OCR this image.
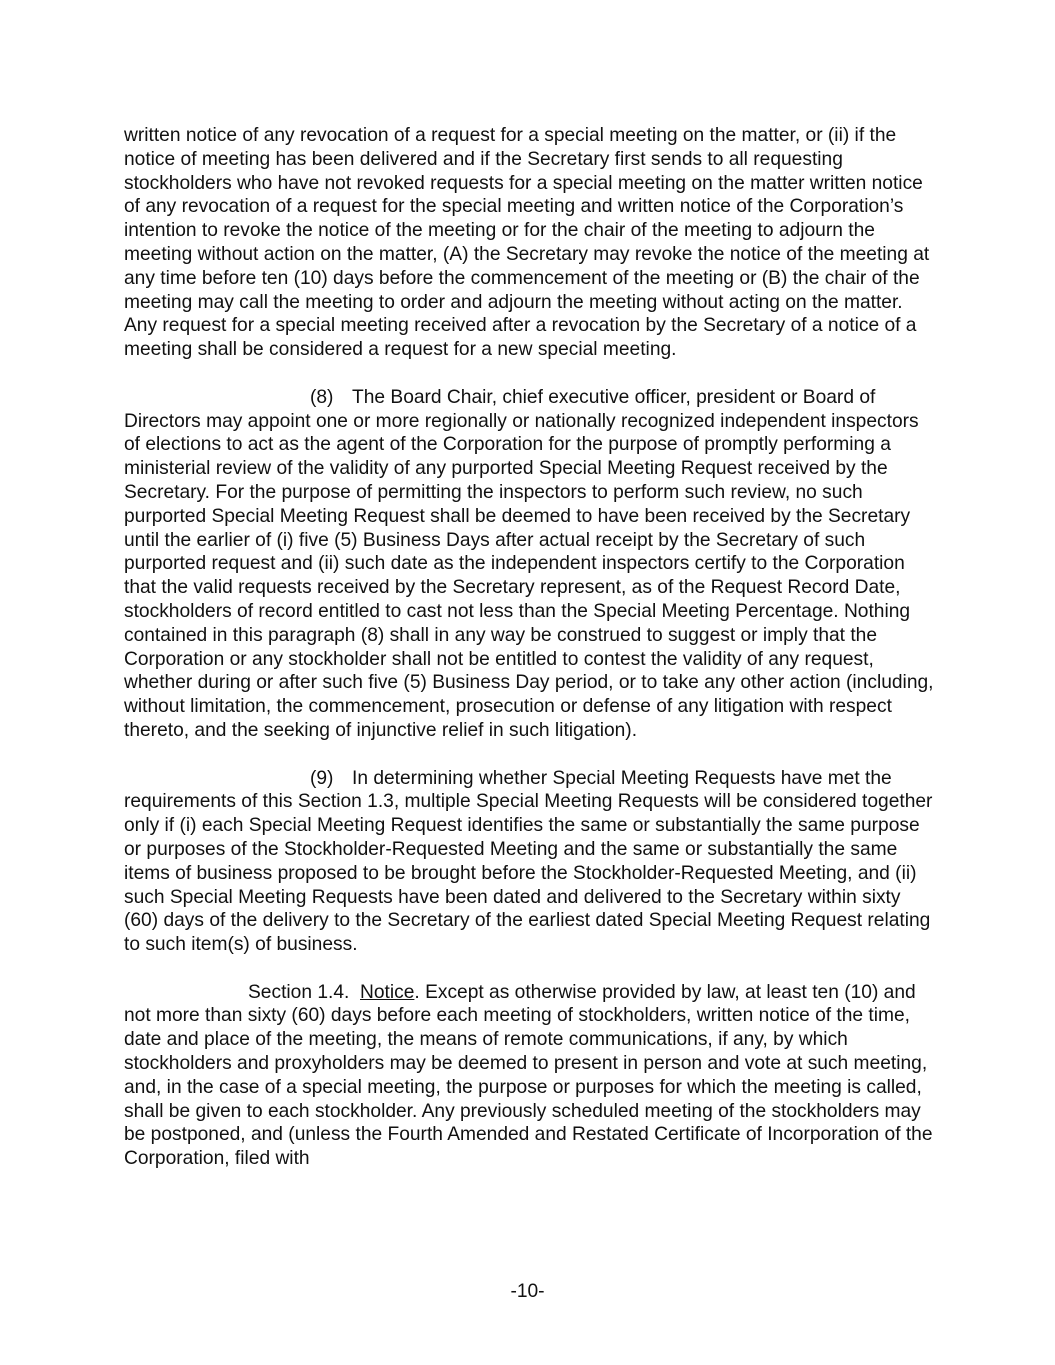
written notice of any revocation of a request for a special meeting on the matter, or (ii) if the notice of meeting has been delivered and if the Secretary first sends to all requesting stockholders who have not revoked requests for a special meeting on the matter written notice of any revocation of a request for the special meeting and written notice of the Corporation’s intention to revoke the notice of the meeting or for the chair of the meeting to adjourn the meeting without action on the matter, (A) the Secretary may revoke the notice of the meeting at any time before ten (10) days before the commencement of the meeting or (B) the chair of the meeting may call the meeting to order and adjourn the meeting without acting on the matter. Any request for a special meeting received after a revocation by the Secretary of a notice of a meeting shall be considered a request for a new special meeting.

(8) The Board Chair, chief executive officer, president or Board of Directors may appoint one or more regionally or nationally recognized independent inspectors of elections to act as the agent of the Corporation for the purpose of promptly performing a ministerial review of the validity of any purported Special Meeting Request received by the Secretary. For the purpose of permitting the inspectors to perform such review, no such purported Special Meeting Request shall be deemed to have been received by the Secretary until the earlier of (i) five (5) Business Days after actual receipt by the Secretary of such purported request and (ii) such date as the independent inspectors certify to the Corporation that the valid requests received by the Secretary represent, as of the Request Record Date, stockholders of record entitled to cast not less than the Special Meeting Percentage. Nothing contained in this paragraph (8) shall in any way be construed to suggest or imply that the Corporation or any stockholder shall not be entitled to contest the validity of any request, whether during or after such five (5) Business Day period, or to take any other action (including, without limitation, the commencement, prosecution or defense of any litigation with respect thereto, and the seeking of injunctive relief in such litigation).

(9) In determining whether Special Meeting Requests have met the requirements of this Section 1.3, multiple Special Meeting Requests will be considered together only if (i) each Special Meeting Request identifies the same or substantially the same purpose or purposes of the Stockholder-Requested Meeting and the same or substantially the same items of business proposed to be brought before the Stockholder-Requested Meeting, and (ii) such Special Meeting Requests have been dated and delivered to the Secretary within sixty (60) days of the delivery to the Secretary of the earliest dated Special Meeting Request relating to such item(s) of business.

Section 1.4. Notice. Except as otherwise provided by law, at least ten (10) and not more than sixty (60) days before each meeting of stockholders, written notice of the time, date and place of the meeting, the means of remote communications, if any, by which stockholders and proxyholders may be deemed to present in person and vote at such meeting, and, in the case of a special meeting, the purpose or purposes for which the meeting is called, shall be given to each stockholder. Any previously scheduled meeting of the stockholders may be postponed, and (unless the Fourth Amended and Restated Certificate of Incorporation of the Corporation, filed with

-10-
